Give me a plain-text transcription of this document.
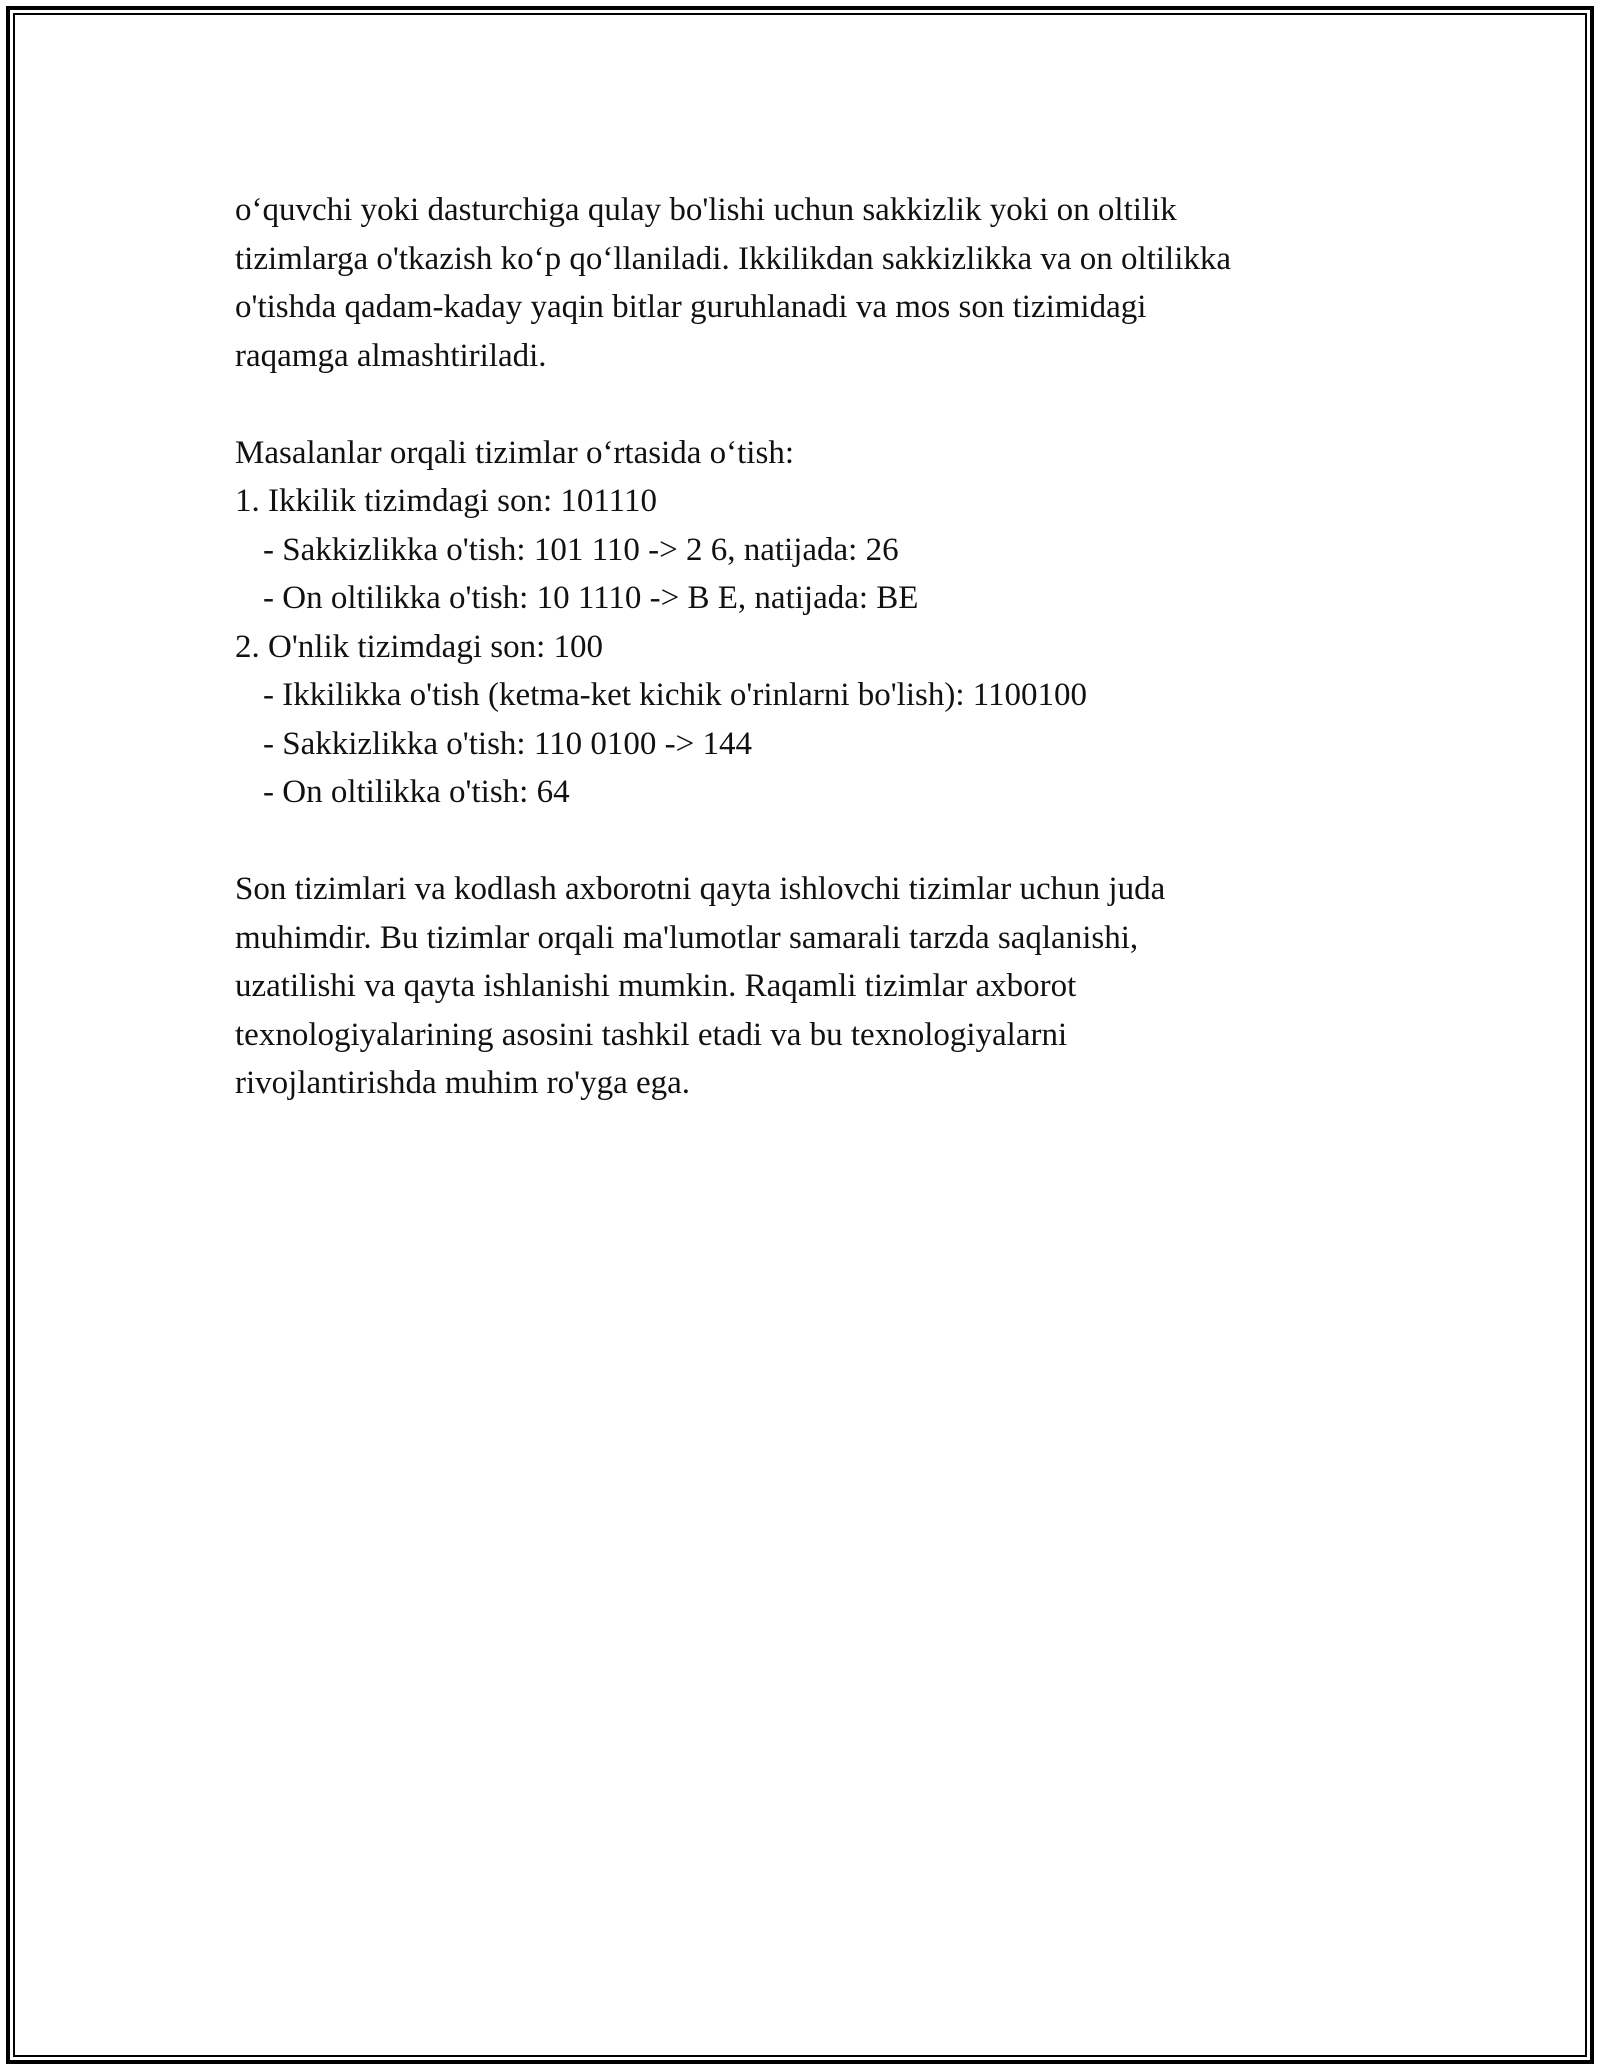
o‘quvchi yoki dasturchiga qulay bo'lishi uchun sakkizlik yoki on oltilik
tizimlarga o'tkazish ko‘p qo‘llaniladi. Ikkilikdan sakkizlikka va on oltilikka
o'tishda qadam-kaday yaqin bitlar guruhlanadi va mos son tizimidagi
raqamga almashtiriladi.
Masalanlar orqali tizimlar o‘rtasida o‘tish:
1. Ikkilik tizimdagi son: 101110
- Sakkizlikka o'tish: 101 110 -> 2 6, natijada: 26
- On oltilikka o'tish: 10 1110 -> B E, natijada: BE
2. O'nlik tizimdagi son: 100
- Ikkilikka o'tish (ketma-ket kichik o'rinlarni bo'lish): 1100100
- Sakkizlikka o'tish: 110 0100 -> 144
- On oltilikka o'tish: 64
Son tizimlari va kodlash axborotni qayta ishlovchi tizimlar uchun juda
muhimdir. Bu tizimlar orqali ma'lumotlar samarali tarzda saqlanishi,
uzatilishi va qayta ishlanishi mumkin. Raqamli tizimlar axborot
texnologiyalarining asosini tashkil etadi va bu texnologiyalarni
rivojlantirishda muhim ro'yga ega.
